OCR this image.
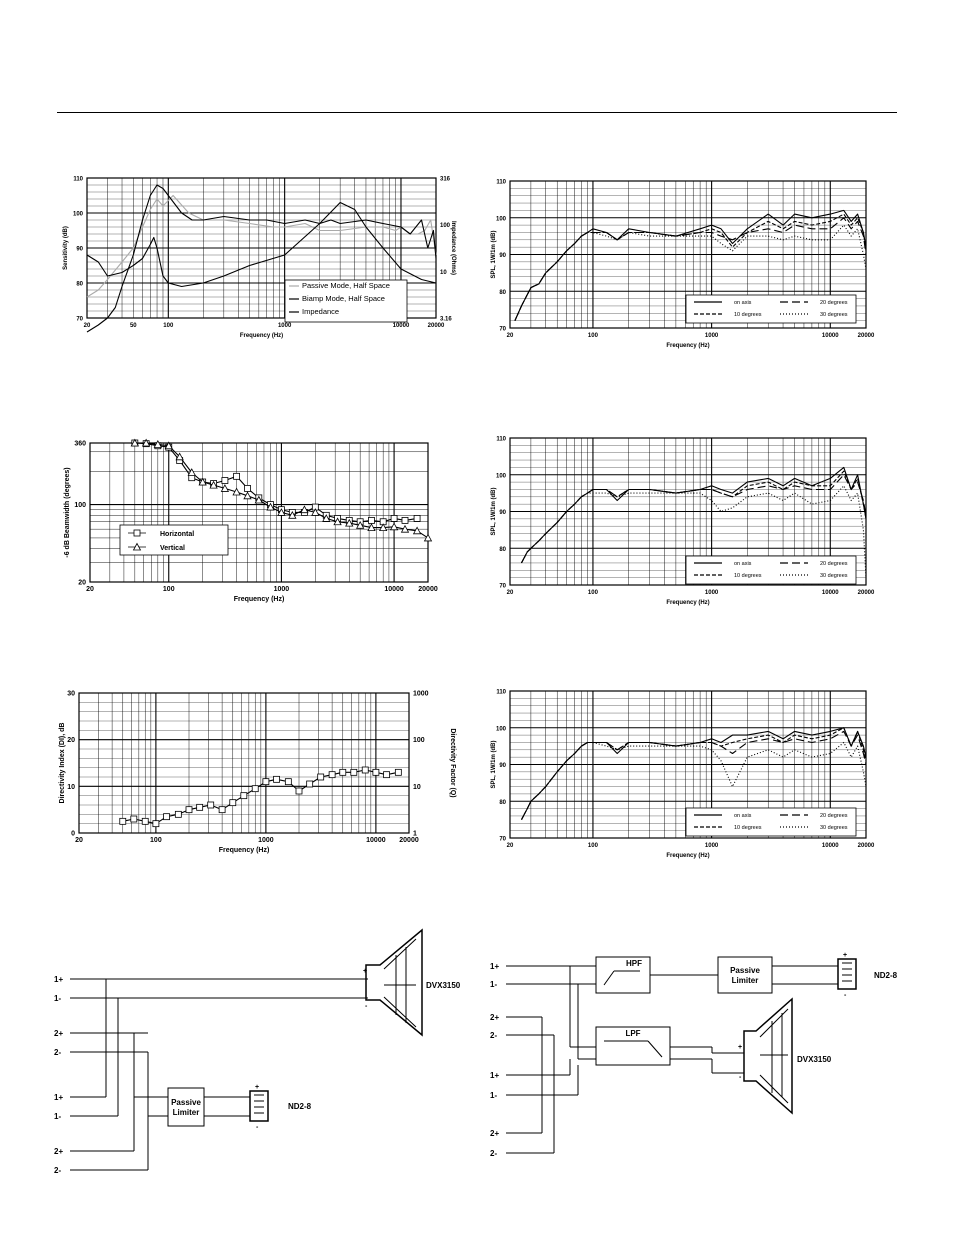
20	50	100	1000	10000	20000
70
80
90
100
110
3.16
10
100
316
Frequency (Hz)
Sensitivity (dB)	Impedance (Ohms)
Passive Mode, Half Space
Biamp Mode, Half Space
Impedance
20	100	1000	10000 20000
20
100
360
Frequency (Hz)
-6 dB Beamwidth (degrees)	Horizontal
Vertical
20	100	1000	10000 20000
0
10
20
30
1
10
100
1000
Frequency (Hz)
Directivity Index (DI), dB	Directivity Factor (Q)
20	100	1000	10000	20000
70
80
90
100
110
Frequency (Hz)
SPL, 1W/1m (dB)
on axis	20 degrees
10 degrees	30 degrees
20	100	1000	10000	20000
70
80
90
100
110
Frequency (Hz)
SPL, 1W/1m (dB)
on axis	20 degrees
10 degrees	30 degrees
20	100	1000	10000	20000
70
80
90
100
110
Frequency (Hz)
SPL, 1W/1m (dB)
on axis	20 degrees
10 degrees	30 degrees
1+
1-
2+
2-
1+
1-
2+
2-
Passive
Limiter
DVX3150
ND2-8
+
-
+
-
1+
1-
2+
2-
1+
1-
2+
2-
HPF
LPF
Passive
Limiter
ND2-8
DVX3150
+
-
+
-
